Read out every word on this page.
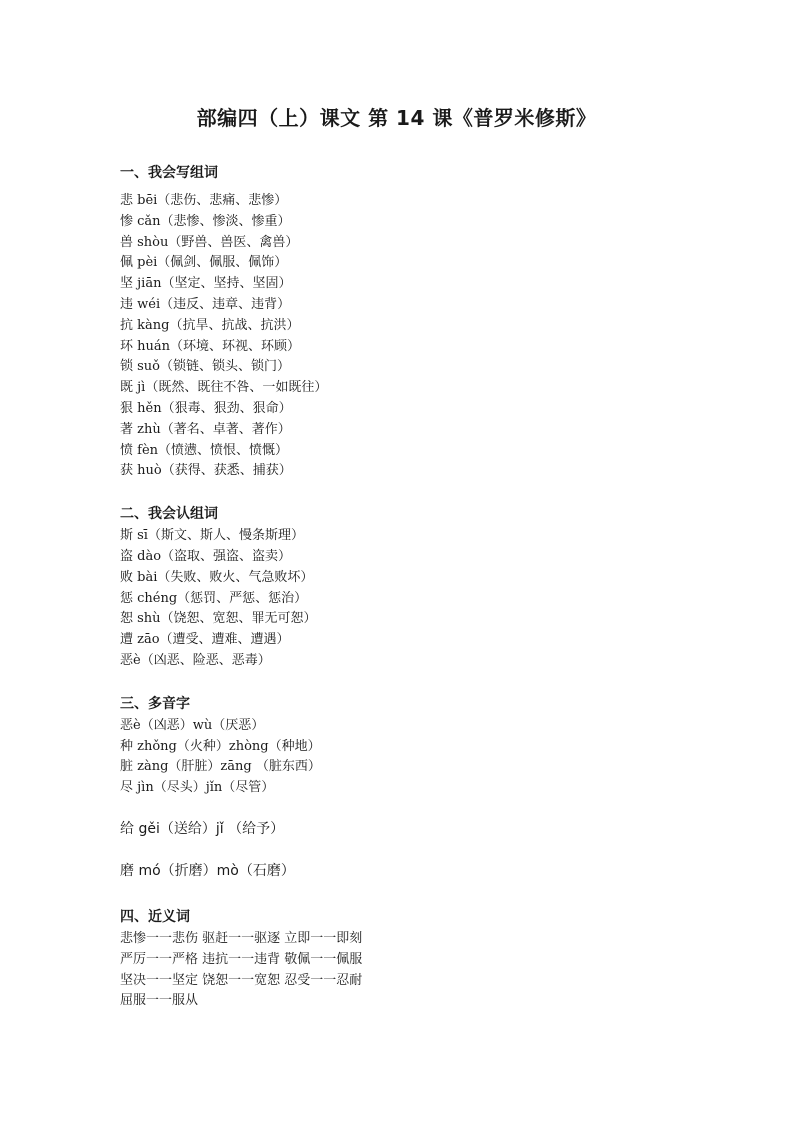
部编四（上）课文 第 14 课《普罗米修斯》
一、我会写组词
悲 bēi（悲伤、悲痛、悲惨）
惨 cǎn（悲惨、惨淡、惨重）
兽 shòu（野兽、兽医、禽兽）
佩 pèi（佩剑、佩服、佩饰）
坚 jiān（坚定、坚持、坚固）
违 wéi（违反、违章、违背）
抗 kàng（抗旱、抗战、抗洪）
环 huán（环境、环视、环顾）
锁 suǒ（锁链、锁头、锁门）
既 jì（既然、既往不咎、一如既往）
狠 hěn（狠毒、狠劲、狠命）
著 zhù（著名、卓著、著作）
愤 fèn（愤懑、愤恨、愤慨）
获 huò（获得、获悉、捕获）
二、我会认组词
斯 sī（斯文、斯人、慢条斯理）
盗 dào（盗取、强盗、盗卖）
败 bài（失败、败火、气急败坏）
惩 chéng（惩罚、严惩、惩治）
恕 shù（饶恕、宽恕、罪无可恕）
遭 zāo（遭受、遭难、遭遇）
恶è（凶恶、险恶、恶毒）
三、多音字
恶è（凶恶）wù（厌恶）
种 zhǒng（火种）zhòng（种地）
脏 zàng（肝脏）zāng （脏东西）
尽 jìn（尽头）jǐn（尽管）
给 gěi（送给）jǐ （给予）
磨 mó（折磨）mò（石磨）
四、近义词
悲惨一一悲伤 驱赶一一驱逐 立即一一即刻
严厉一一严格 违抗一一违背 敬佩一一佩服
坚决一一坚定 饶恕一一宽恕 忍受一一忍耐
屈服一一服从
